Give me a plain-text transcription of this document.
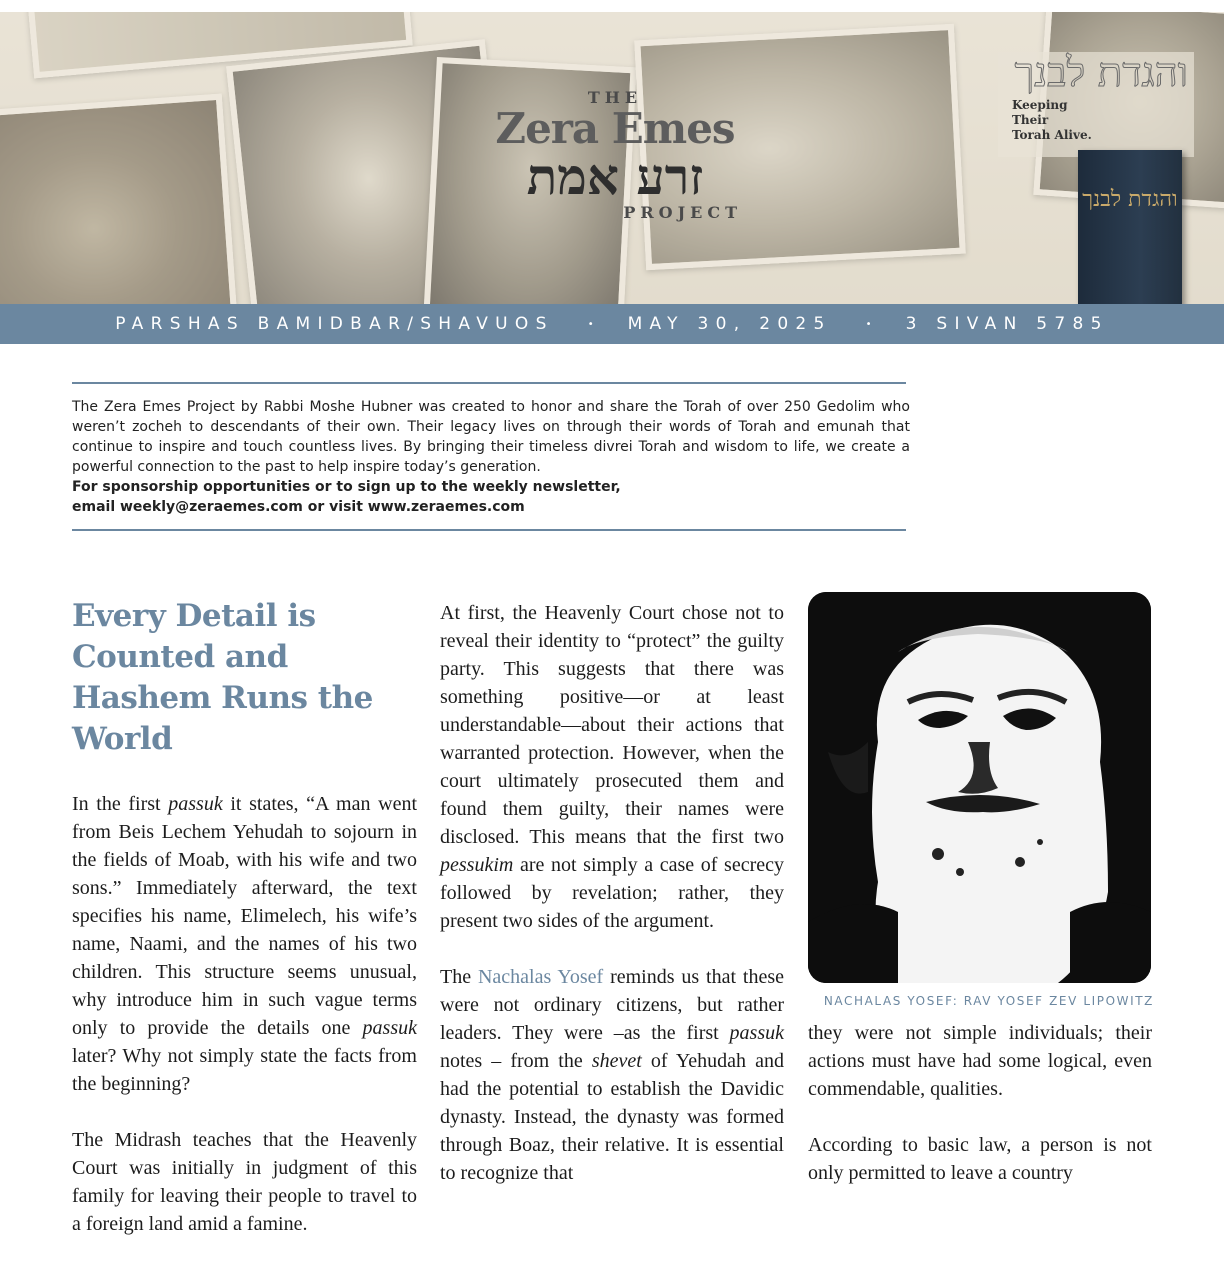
THE
Zera Emes
זרע אמת
PROJECT
והגדת לבנך
Keeping
Their
Torah Alive.

והגדת לבנך

PARSHAS BAMIDBAR/SHAVUOS	• MAY 30, 2025	• 3 SIVAN 5785
The Zera Emes Project by Rabbi Moshe Hubner was created to honor and share the Torah of over 250 Gedolim who weren’t zocheh to descendants of their own. Their legacy lives on through their words of Torah and emunah that continue to inspire and touch countless lives. By bringing their timeless divrei Torah and wisdom to life, we create a powerful connection to the past to help inspire today’s generation.
For sponsorship opportunities or to sign up to the weekly newsletter,
email weekly@zeraemes.com or visit www.zeraemes.com
Every Detail is Counted and Hashem Runs the World

In the first passuk it states, “A man went from Beis Lechem Yehudah to sojourn in the fields of Moab, with his wife and two sons.” Immediately afterward, the text specifies his name, Elimelech, his wife’s name, Naami, and the names of his two children. This structure seems unusual, why introduce him in such vague terms only to provide the details one passuk later? Why not simply state the facts from the beginning?

The Midrash teaches that the Heavenly Court was initially in judgment of this family for leaving their people to travel to a foreign land amid a famine.

At first, the Heavenly Court chose not to reveal their identity to “protect” the guilty party. This suggests that there was something positive—or at least understandable—about their actions that warranted protection. However, when the court ultimately prosecuted them and found them guilty, their names were disclosed. This means that the first two pessukim are not simply a case of secrecy followed by revelation; rather, they present two sides of the argument.

The Nachalas Yosef reminds us that these were not ordinary citizens, but rather leaders. They were –as the first passuk notes – from the shevet of Yehudah and had the potential to establish the Davidic dynasty. Instead, the dynasty was formed through Boaz, their relative. It is essential to recognize that

NACHALAS YOSEF: RAV YOSEF ZEV LIPOWITZ

they were not simple individuals; their actions must have had some logical, even commendable, qualities.

According to basic law, a person is not only permitted to leave a country
